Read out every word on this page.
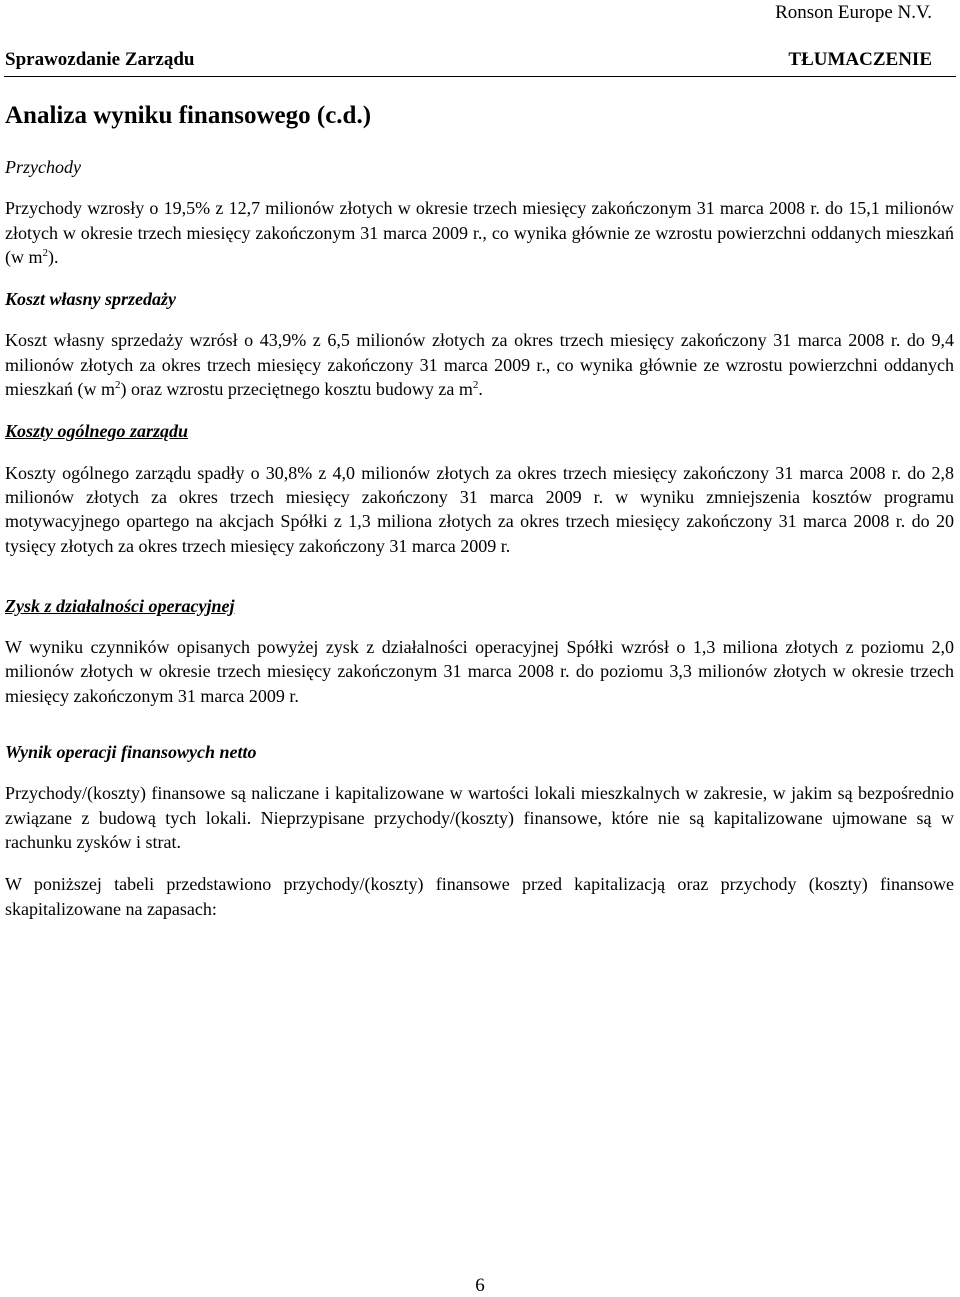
Ronson Europe N.V.
Sprawozdanie Zarządu	TŁUMACZENIE
Analiza wyniku finansowego (c.d.)
Przychody

Przychody wzrosły o 19,5% z 12,7 milionów złotych w okresie trzech miesięcy zakończonym 31 marca 2008 r. do 15,1 milionów złotych w okresie trzech miesięcy zakończonym 31 marca 2009 r., co wynika głównie ze wzrostu powierzchni oddanych mieszkań (w $m^2$).

Koszt własny sprzedaży

Koszt własny sprzedaży wzrósł o 43,9% z 6,5 milionów złotych za okres trzech miesięcy zakończony 31 marca 2008 r. do 9,4 milionów złotych za okres trzech miesięcy zakończony 31 marca 2009 r., co wynika głównie ze wzrostu powierzchni oddanych mieszkań (w $m^2$) oraz wzrostu przeciętnego kosztu budowy za $m^2$.

Koszty ogólnego zarządu

Koszty ogólnego zarządu spadły o 30,8% z 4,0 milionów złotych za okres trzech miesięcy zakończony 31 marca 2008 r. do 2,8 milionów złotych za okres trzech miesięcy zakończony 31 marca 2009 r. w wyniku zmniejszenia kosztów programu motywacyjnego opartego na akcjach Spółki z 1,3 miliona złotych za okres trzech miesięcy zakończony 31 marca 2008 r. do 20 tysięcy złotych za okres trzech miesięcy zakończony 31 marca 2009 r.

Zysk z działalności operacyjnej

W wyniku czynników opisanych powyżej zysk z działalności operacyjnej Spółki wzrósł o 1,3 miliona złotych z poziomu 2,0 milionów złotych w okresie trzech miesięcy zakończonym 31 marca 2008 r. do poziomu 3,3 milionów złotych w okresie trzech miesięcy zakończonym 31 marca 2009 r.

Wynik operacji finansowych netto

Przychody/(koszty) finansowe są naliczane i kapitalizowane w wartości lokali mieszkalnych w zakresie, w jakim są bezpośrednio związane z budową tych lokali. Nieprzypisane przychody/(koszty) finansowe, które nie są kapitalizowane ujmowane są w rachunku zysków i strat.

W poniższej tabeli przedstawiono przychody/(koszty) finansowe przed kapitalizacją oraz przychody (koszty) finansowe skapitalizowane na zapasach:

6
